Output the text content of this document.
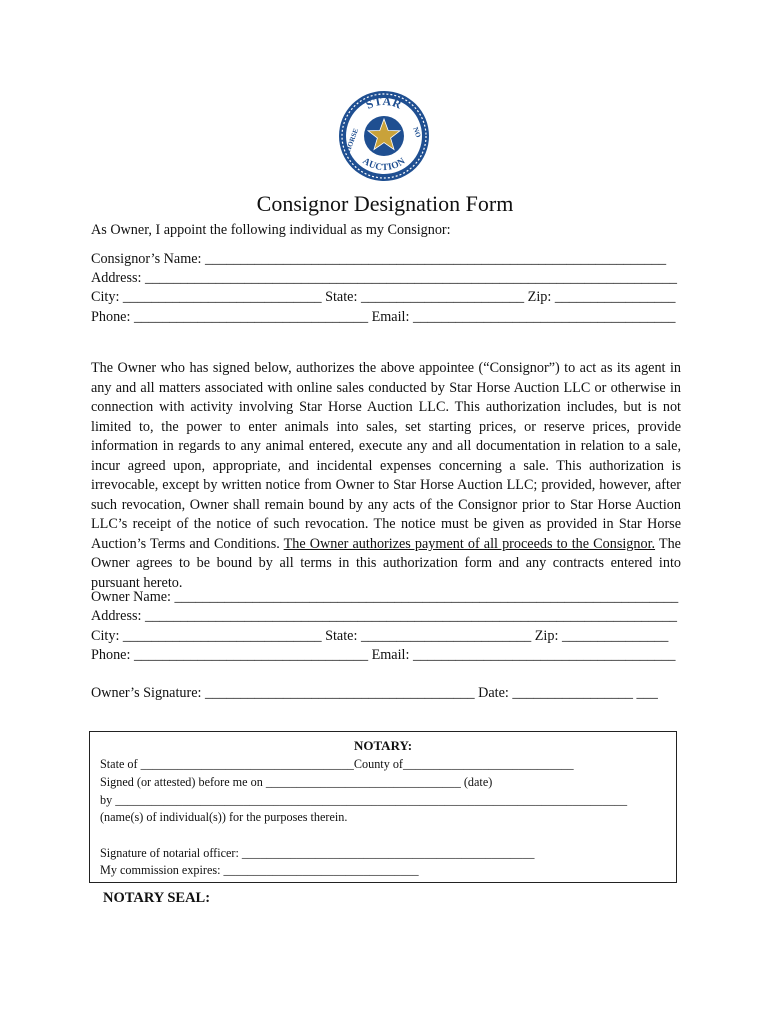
STAR
AUCTION
HORSE	NO
Consignor Designation Form
As Owner, I appoint the following individual as my Consignor:
Consignor’s Name: _________________________________________________________________
Address: ___________________________________________________________________________
City: ____________________________ State: _______________________ Zip: _________________
Phone: _________________________________ Email: _____________________________________

The Owner who has signed below, authorizes the above appointee (“Consignor”) to act as its agent in any and all matters associated with online sales conducted by Star Horse Auction LLC or otherwise in connection with activity involving Star Horse Auction LLC. This authorization includes, but is not limited to, the power to enter animals into sales, set starting prices, or reserve prices, provide information in regards to any animal entered, execute any and all documentation in relation to a sale, incur agreed upon, appropriate, and incidental expenses concerning a sale. This authorization is irrevocable, except by written notice from Owner to Star Horse Auction LLC; provided, however, after such revocation, Owner shall remain bound by any acts of the Consignor prior to Star Horse Auction LLC’s receipt of the notice of such revocation. The notice must be given as provided in Star Horse Auction’s Terms and Conditions. The Owner authorizes payment of all proceeds to the Consignor. The Owner agrees to be bound by all terms in this authorization form and any contracts entered into pursuant hereto.

Owner Name: _______________________________________________________________________
Address: ___________________________________________________________________________
City: ____________________________ State: ________________________ Zip: _______________
Phone: _________________________________ Email: _____________________________________
Owner’s Signature: ______________________________________ Date: _________________ ___
NOTARY:
State of ___________________________________County of____________________________
Signed (or attested) before me on ________________________________ (date)
by ____________________________________________________________________________________
(name(s) of individual(s)) for the purposes therein.
Signature of notarial officer: ________________________________________________
My commission expires: ________________________________
NOTARY SEAL:
